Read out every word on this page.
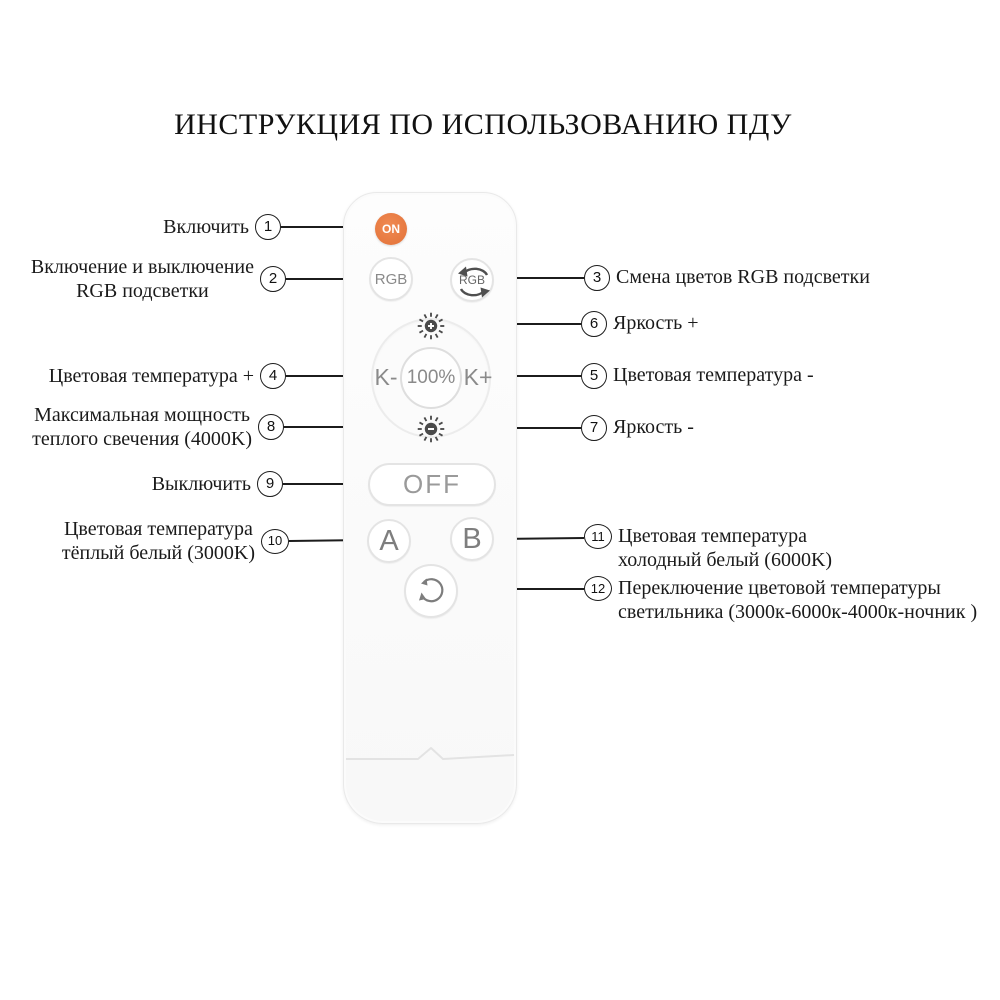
ИНСТРУКЦИЯ ПО ИСПОЛЬЗОВАНИЮ ПДУ
ON
RGB	RGB
100%
K-	K+
OFF
A	B
Включить 1
Включение и выключение
RGB подсветки
2
Цветовая температура + 4
Максимальная мощность
теплого свечения (4000K)
8
Выключить 9
Цветовая температура
тёплый белый (3000K)
10
3 Смена цветов RGB подсветки
6 Яркость +
5 Цветовая температура -
7 Яркость -
11 Цветовая температура
холодный белый (6000K)
12 Переключение цветовой температуры
светильника (3000к-6000к-4000к-ночник )
